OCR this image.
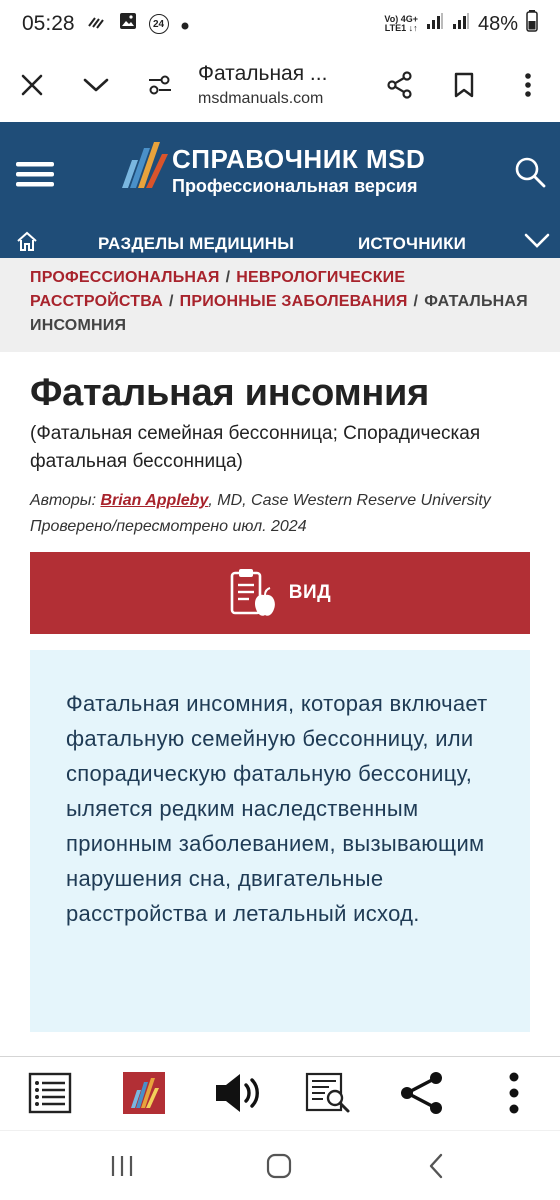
05:28	24	Vo) 4G+
LTE1 ↓↑	48%
Фатальная ...
msdmanuals.com
СПРАВОЧНИК MSD
Профессиональная версия
РАЗДЕЛЫ МЕДИЦИНЫ	ИСТОЧНИКИ
ПРОФЕССИОНАЛЬНАЯ / НЕВРОЛОГИЧЕСКИЕ РАССТРОЙСТВА / ПРИОННЫЕ ЗАБОЛЕВАНИЯ / ФАТАЛЬНАЯ ИНСОМНИЯ
Фатальная инсомния
(Фатальная семейная бессонница; Спорадическая фатальная бессонница)
Авторы: Brian Appleby, MD, Case Western Reserve University
Проверено/пересмотрено июл. 2024
ВИД

Фатальная инсомния, которая включает фатальную семейную бессонницу, или спорадическую фатальную бессоницу, ыляется редким наследственным прионным заболеванием, вызывающим нарушения сна, двигательные расстройства и летальный исход.
